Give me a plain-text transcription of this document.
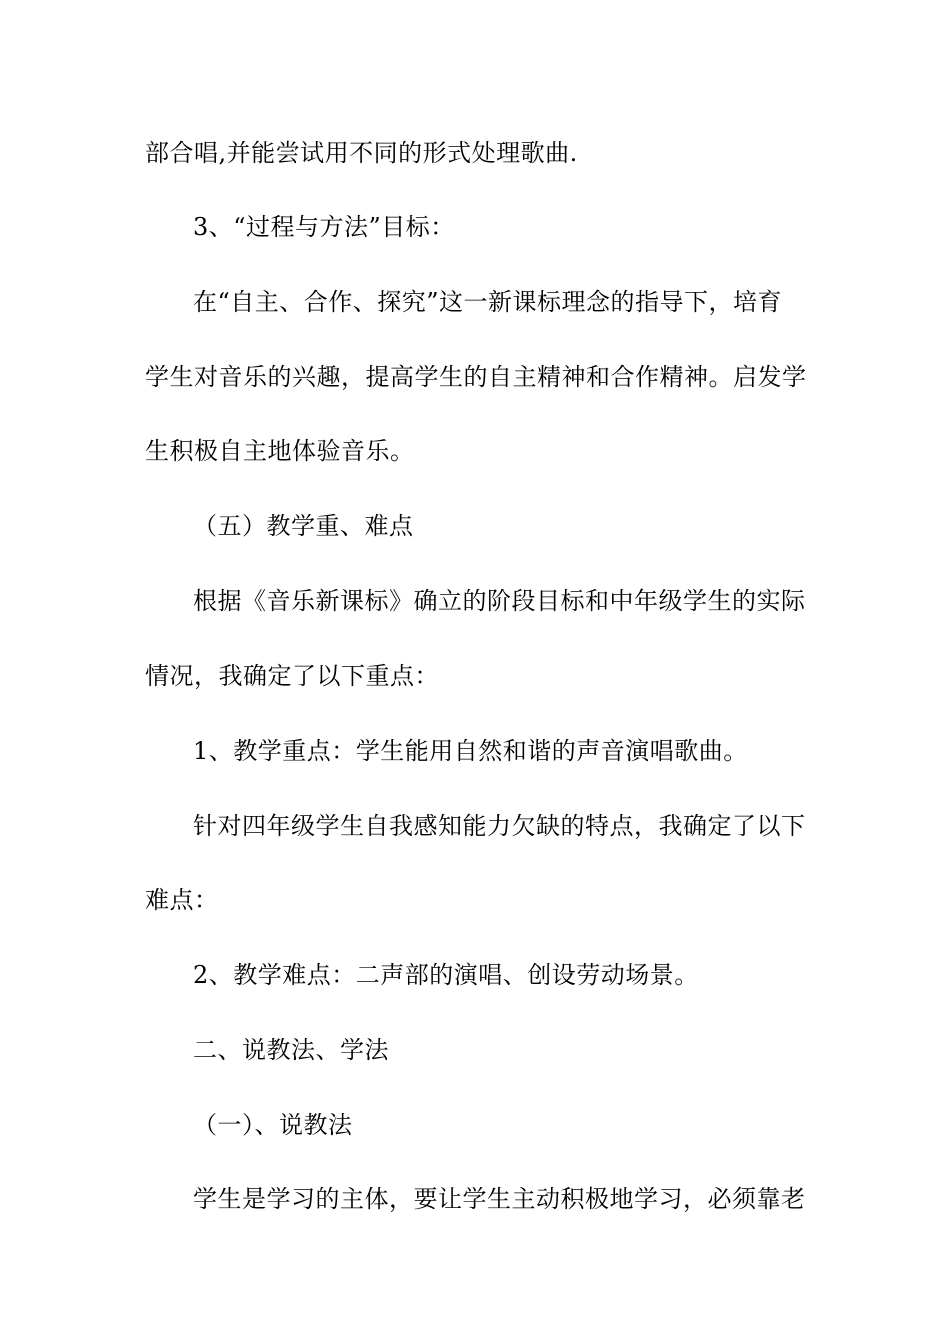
部合唱,并能尝试用不同的形式处理歌曲.
3、“过程与方法”目标：
在“自主、合作、探究”这一新课标理念的指导下，培育
学生对音乐的兴趣，提高学生的自主精神和合作精神。启发学
生积极自主地体验音乐。
（五）教学重、难点
根据《音乐新课标》确立的阶段目标和中年级学生的实际
情况，我确定了以下重点：
1、教学重点：学生能用自然和谐的声音演唱歌曲。
针对四年级学生自我感知能力欠缺的特点，我确定了以下
难点：
2、教学难点：二声部的演唱、创设劳动场景。
二、说教法、学法
（一）、说教法
学生是学习的主体，要让学生主动积极地学习，必须靠老
